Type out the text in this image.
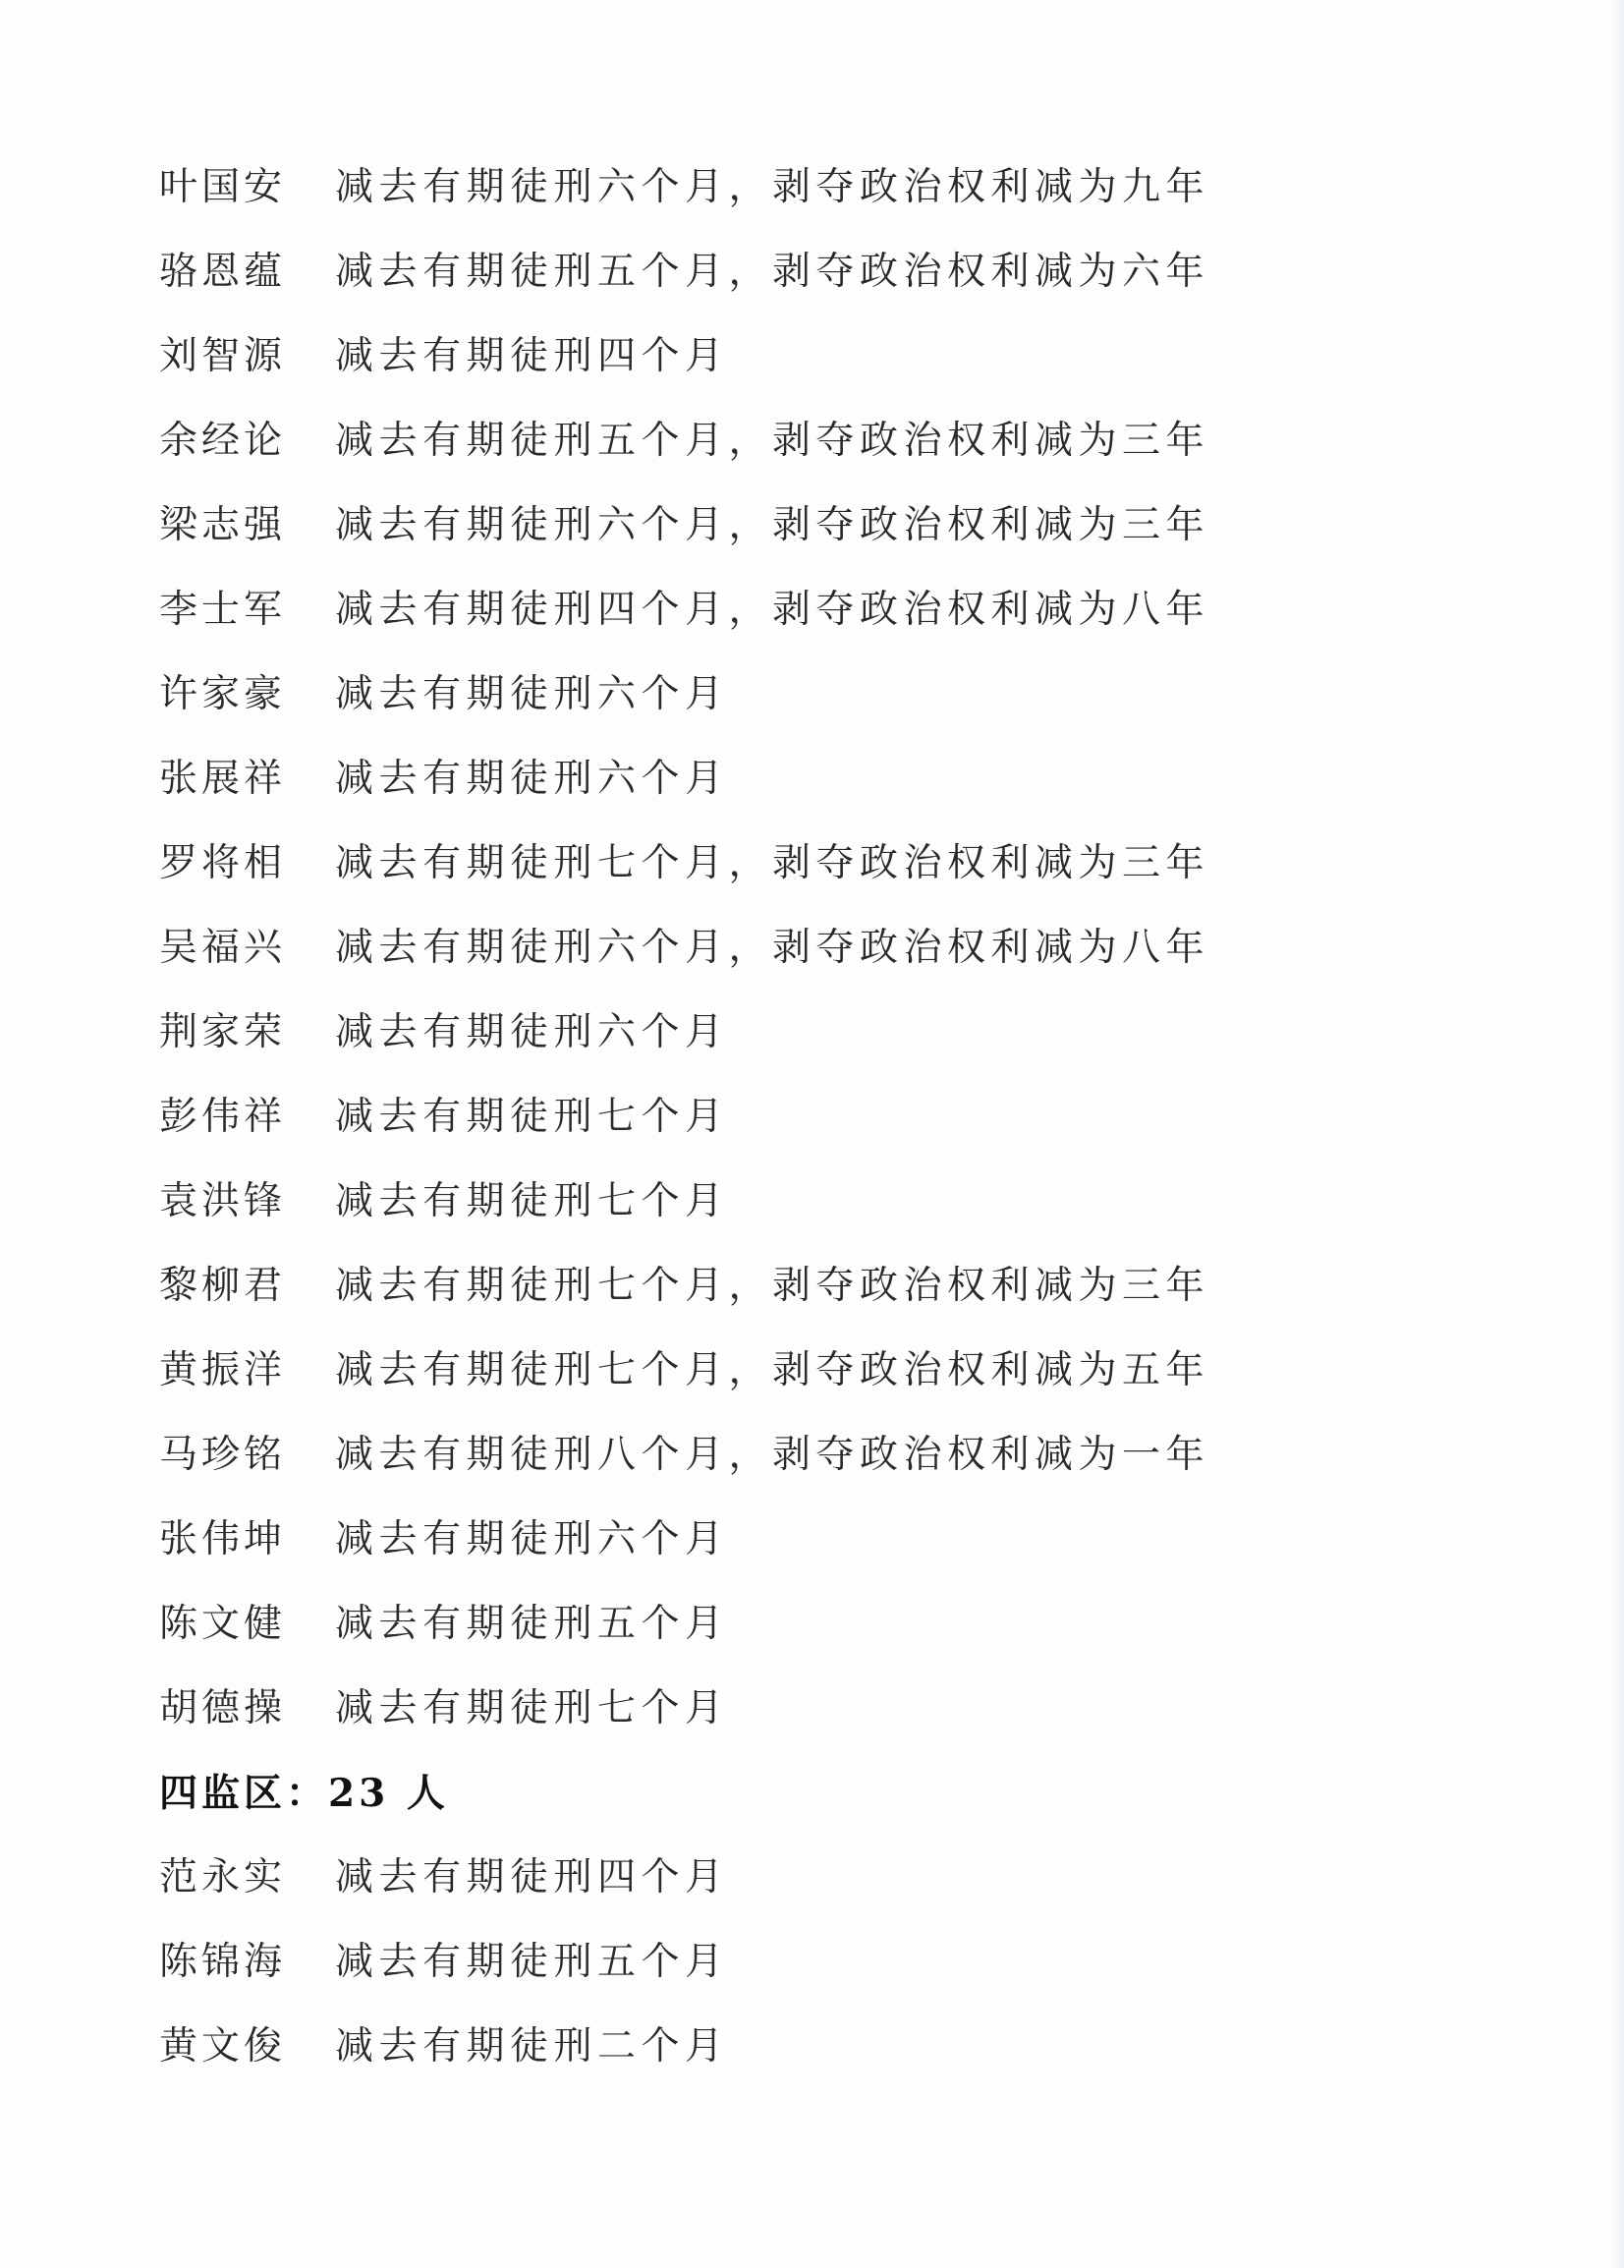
叶国安	减去有期徒刑六个月，剥夺政治权利减为九年
骆恩蕴	减去有期徒刑五个月，剥夺政治权利减为六年
刘智源	减去有期徒刑四个月
余经论	减去有期徒刑五个月，剥夺政治权利减为三年
梁志强	减去有期徒刑六个月，剥夺政治权利减为三年
李士军	减去有期徒刑四个月，剥夺政治权利减为八年
许家豪	减去有期徒刑六个月
张展祥	减去有期徒刑六个月
罗将相	减去有期徒刑七个月，剥夺政治权利减为三年
吴福兴	减去有期徒刑六个月，剥夺政治权利减为八年
荆家荣	减去有期徒刑六个月
彭伟祥	减去有期徒刑七个月
袁洪锋	减去有期徒刑七个月
黎柳君	减去有期徒刑七个月，剥夺政治权利减为三年
黄振洋	减去有期徒刑七个月，剥夺政治权利减为五年
马珍铭	减去有期徒刑八个月，剥夺政治权利减为一年
张伟坤	减去有期徒刑六个月
陈文健	减去有期徒刑五个月
胡德操	减去有期徒刑七个月
四监区：23 人
范永实	减去有期徒刑四个月
陈锦海	减去有期徒刑五个月
黄文俊	减去有期徒刑二个月
